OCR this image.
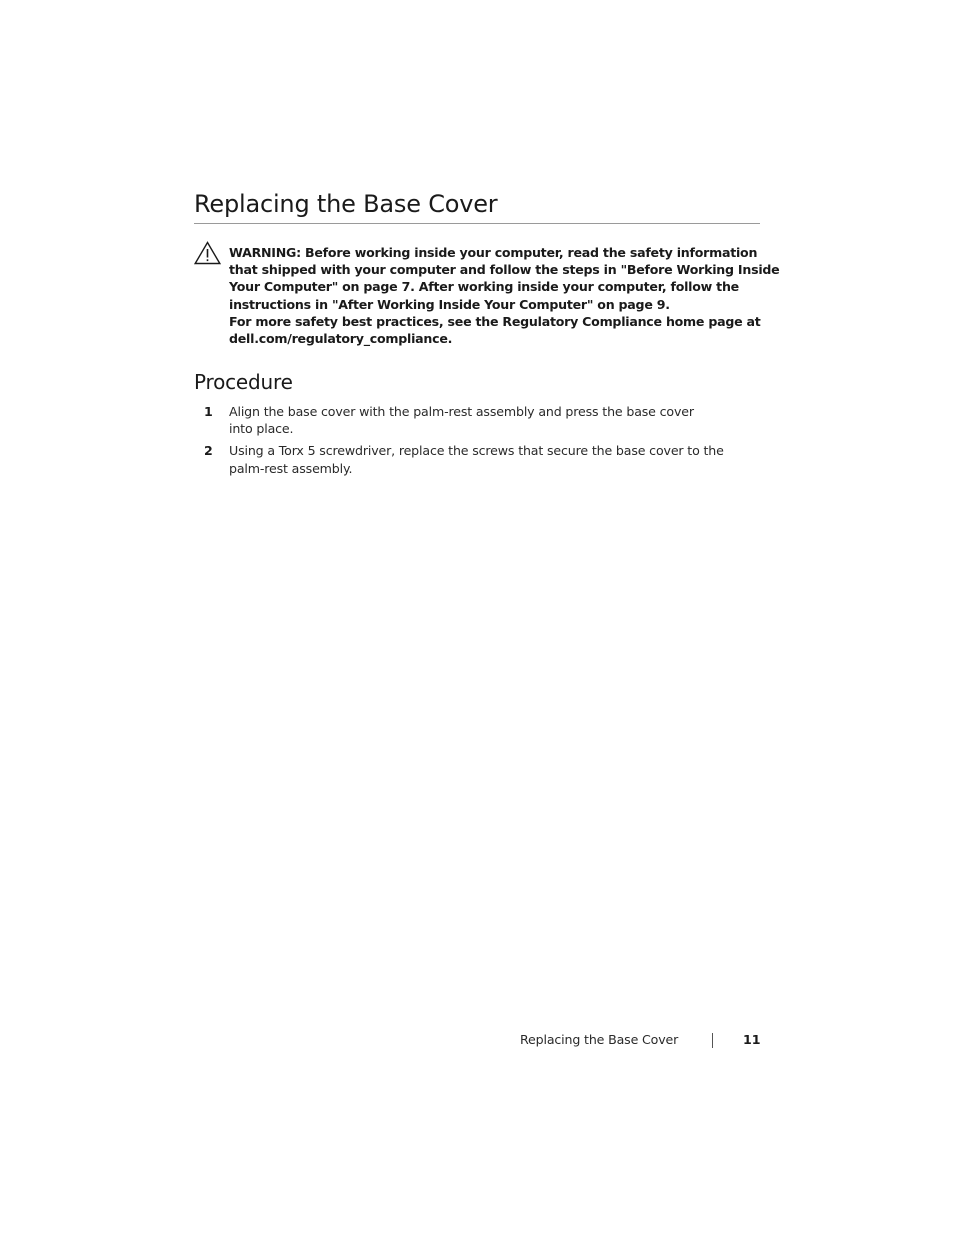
Replacing the Base Cover

WARNING: Before working inside your computer, read the safety information
that shipped with your computer and follow the steps in "Before Working Inside
Your Computer" on page 7. After working inside your computer, follow the
instructions in "After Working Inside Your Computer" on page 9.
For more safety best practices, see the Regulatory Compliance home page at
dell.com/regulatory_compliance.

Procedure
1 Align the base cover with the palm-rest assembly and press the base cover
into place.
2 Using a Torx 5 screwdriver, replace the screws that secure the base cover to the
palm-rest assembly.
Replacing the Base Cover	11
